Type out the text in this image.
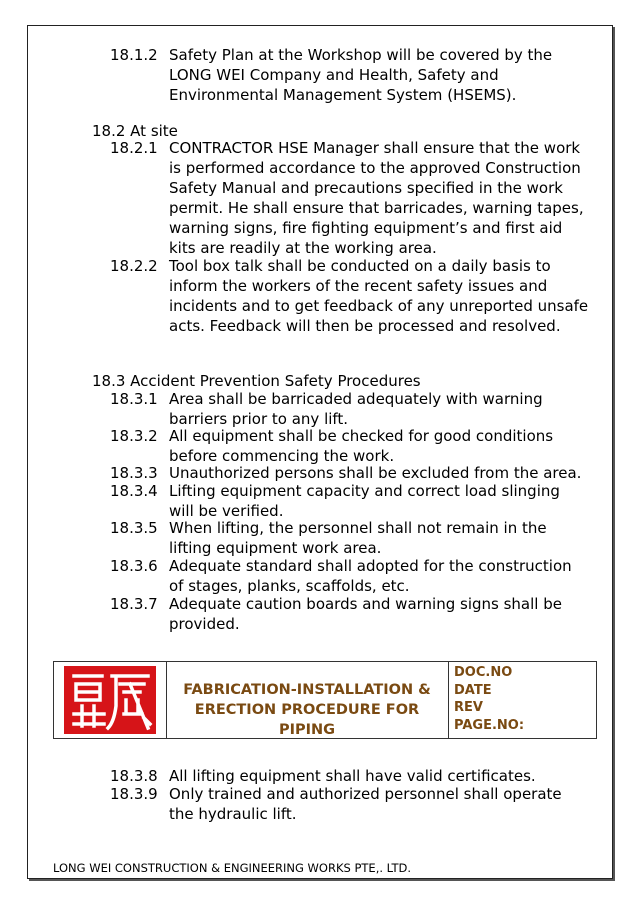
18.1.2 Safety Plan at the Workshop will be covered by the LONG WEI Company and Health, Safety and Environmental Management System (HSEMS).
18.2 At site
18.2.1 CONTRACTOR HSE Manager shall ensure that the work is performed accordance to the approved Construction Safety Manual and precautions specified in the work permit. He shall ensure that barricades, warning tapes, warning signs, fire fighting equipment’s and first aid kits are readily at the working area.
18.2.2 Tool box talk shall be conducted on a daily basis to inform the workers of the recent safety issues and incidents and to get feedback of any unreported unsafe acts. Feedback will then be processed and resolved.
18.3 Accident Prevention Safety Procedures
18.3.1 Area shall be barricaded adequately with warning barriers prior to any lift.
18.3.2 All equipment shall be checked for good conditions before commencing the work.
18.3.3 Unauthorized persons shall be excluded from the area.
18.3.4 Lifting equipment capacity and correct load slinging will be verified.
18.3.5 When lifting, the personnel shall not remain in the lifting equipment work area.
18.3.6 Adequate standard shall adopted for the construction of stages, planks, scaffolds, etc.
18.3.7 Adequate caution boards and warning signs shall be provided.
FABRICATION-INSTALLATION & ERECTION PROCEDURE FOR PIPING
DOC.NO
DATE
REV
PAGE.NO:
18.3.8 All lifting equipment shall have valid certificates.
18.3.9 Only trained and authorized personnel shall operate the hydraulic lift.
LONG WEI CONSTRUCTION & ENGINEERING WORKS PTE,. LTD.
